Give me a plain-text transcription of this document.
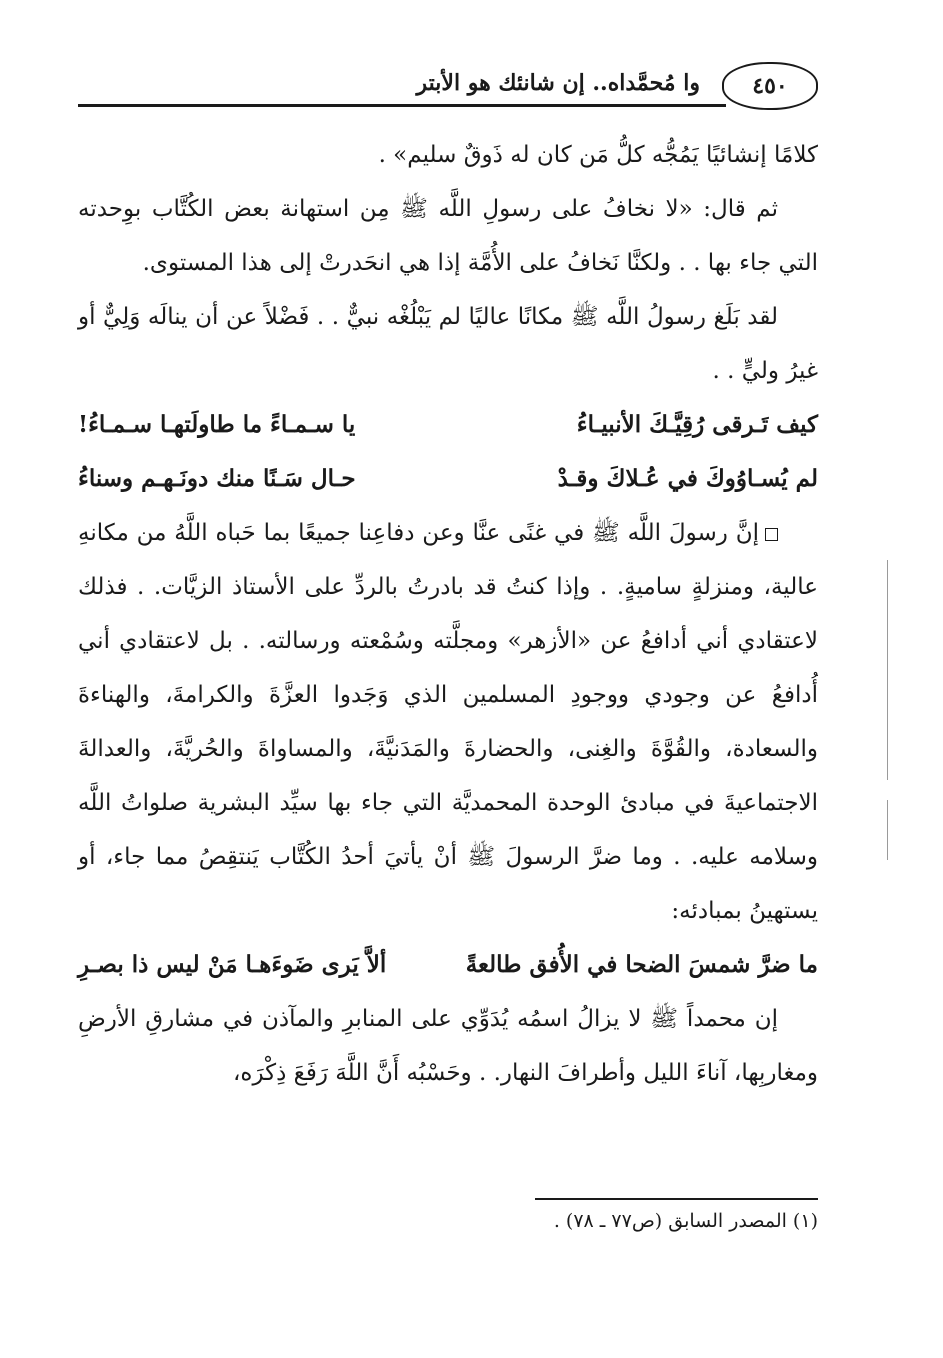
٤٥٠
وا مُحمَّداه.. إن شانئك هو الأبتر

كلامًا إنشائيًا يَمُجُّه كلُّ مَن كان له ذَوقٌ سليم» .

ثم قال: «لا نخافُ على رسولِ اللَّه ﷺ مِن استهانة بعض الكُتَّاب بوِحدته التي جاء بها . . ولكنَّا نَخافُ على الأُمَّة إذا هي انحَدرتْ إلى هذا المستوى.

لقد بَلَغ رسولُ اللَّه ﷺ مكانًا عاليًا لم يَبْلُغْه نبيٌّ . . فَضْلاً عن أن ينالَه وَلِيٌّ أو غيرُ وليٍّ . .

كيف تَـرقى رُقِيَّـكَ الأنبيـاءُ
يا سـمـاءً ما طاولَتهـا سـمـاءُ!
لم يُسـاوُوكَ في عُـلاكَ وقـدْ
حـال سَـنًا منك دونَـهـم وسناءُ

إنَّ رسولَ اللَّه ﷺ في غنًى عنَّا وعن دفاعِنا جميعًا بما حَباه اللَّهُ من مكانهِ عالية، ومنزلةٍ ساميةٍ. . وإذا كنتُ قد بادرتُ بالردِّ على الأستاذ الزيَّات. . فذلك لاعتقادي أني أدافعُ عن «الأزهر» ومجلَّته وسُمْعته ورسالته. . بل لاعتقادي أني أُدافعُ عن وجودي ووجودِ المسلمين الذي وَجَدوا العزَّةَ والكرامةَ، والهناءةَ والسعادة، والقُوَّةَ والغِنى، والحضارةَ والمَدَنيَّةَ، والمساواةَ والحُريَّةَ، والعدالةَ الاجتماعيةَ في مبادئ الوحدة المحمديَّة التي جاء بها سيِّد البشرية صلواتُ اللَّه وسلامه عليه. . وما ضرَّ الرسولَ ﷺ أنْ يأتيَ أحدُ الكُتَّاب يَنتقِصُ مما جاء، أو يستهينُ بمبادئه:

ما ضرَّ شمسَ الضحا في الأُفق طالعةً
ألاَّ يَرى ضَوءَهـا مَنْ ليس ذا بصـرِ

إن محمداً ﷺ لا يزالُ اسمُه يُدَوِّي على المنابرِ والمآذن في مشارقِ الأرضِ ومغاربِها، آناءَ الليل وأطرافَ النهار. . وحَسْبُه أَنَّ اللَّهَ رَفَعَ ذِكْرَه،

(١) المصدر السابق (ص٧٧ ـ ٧٨) .
